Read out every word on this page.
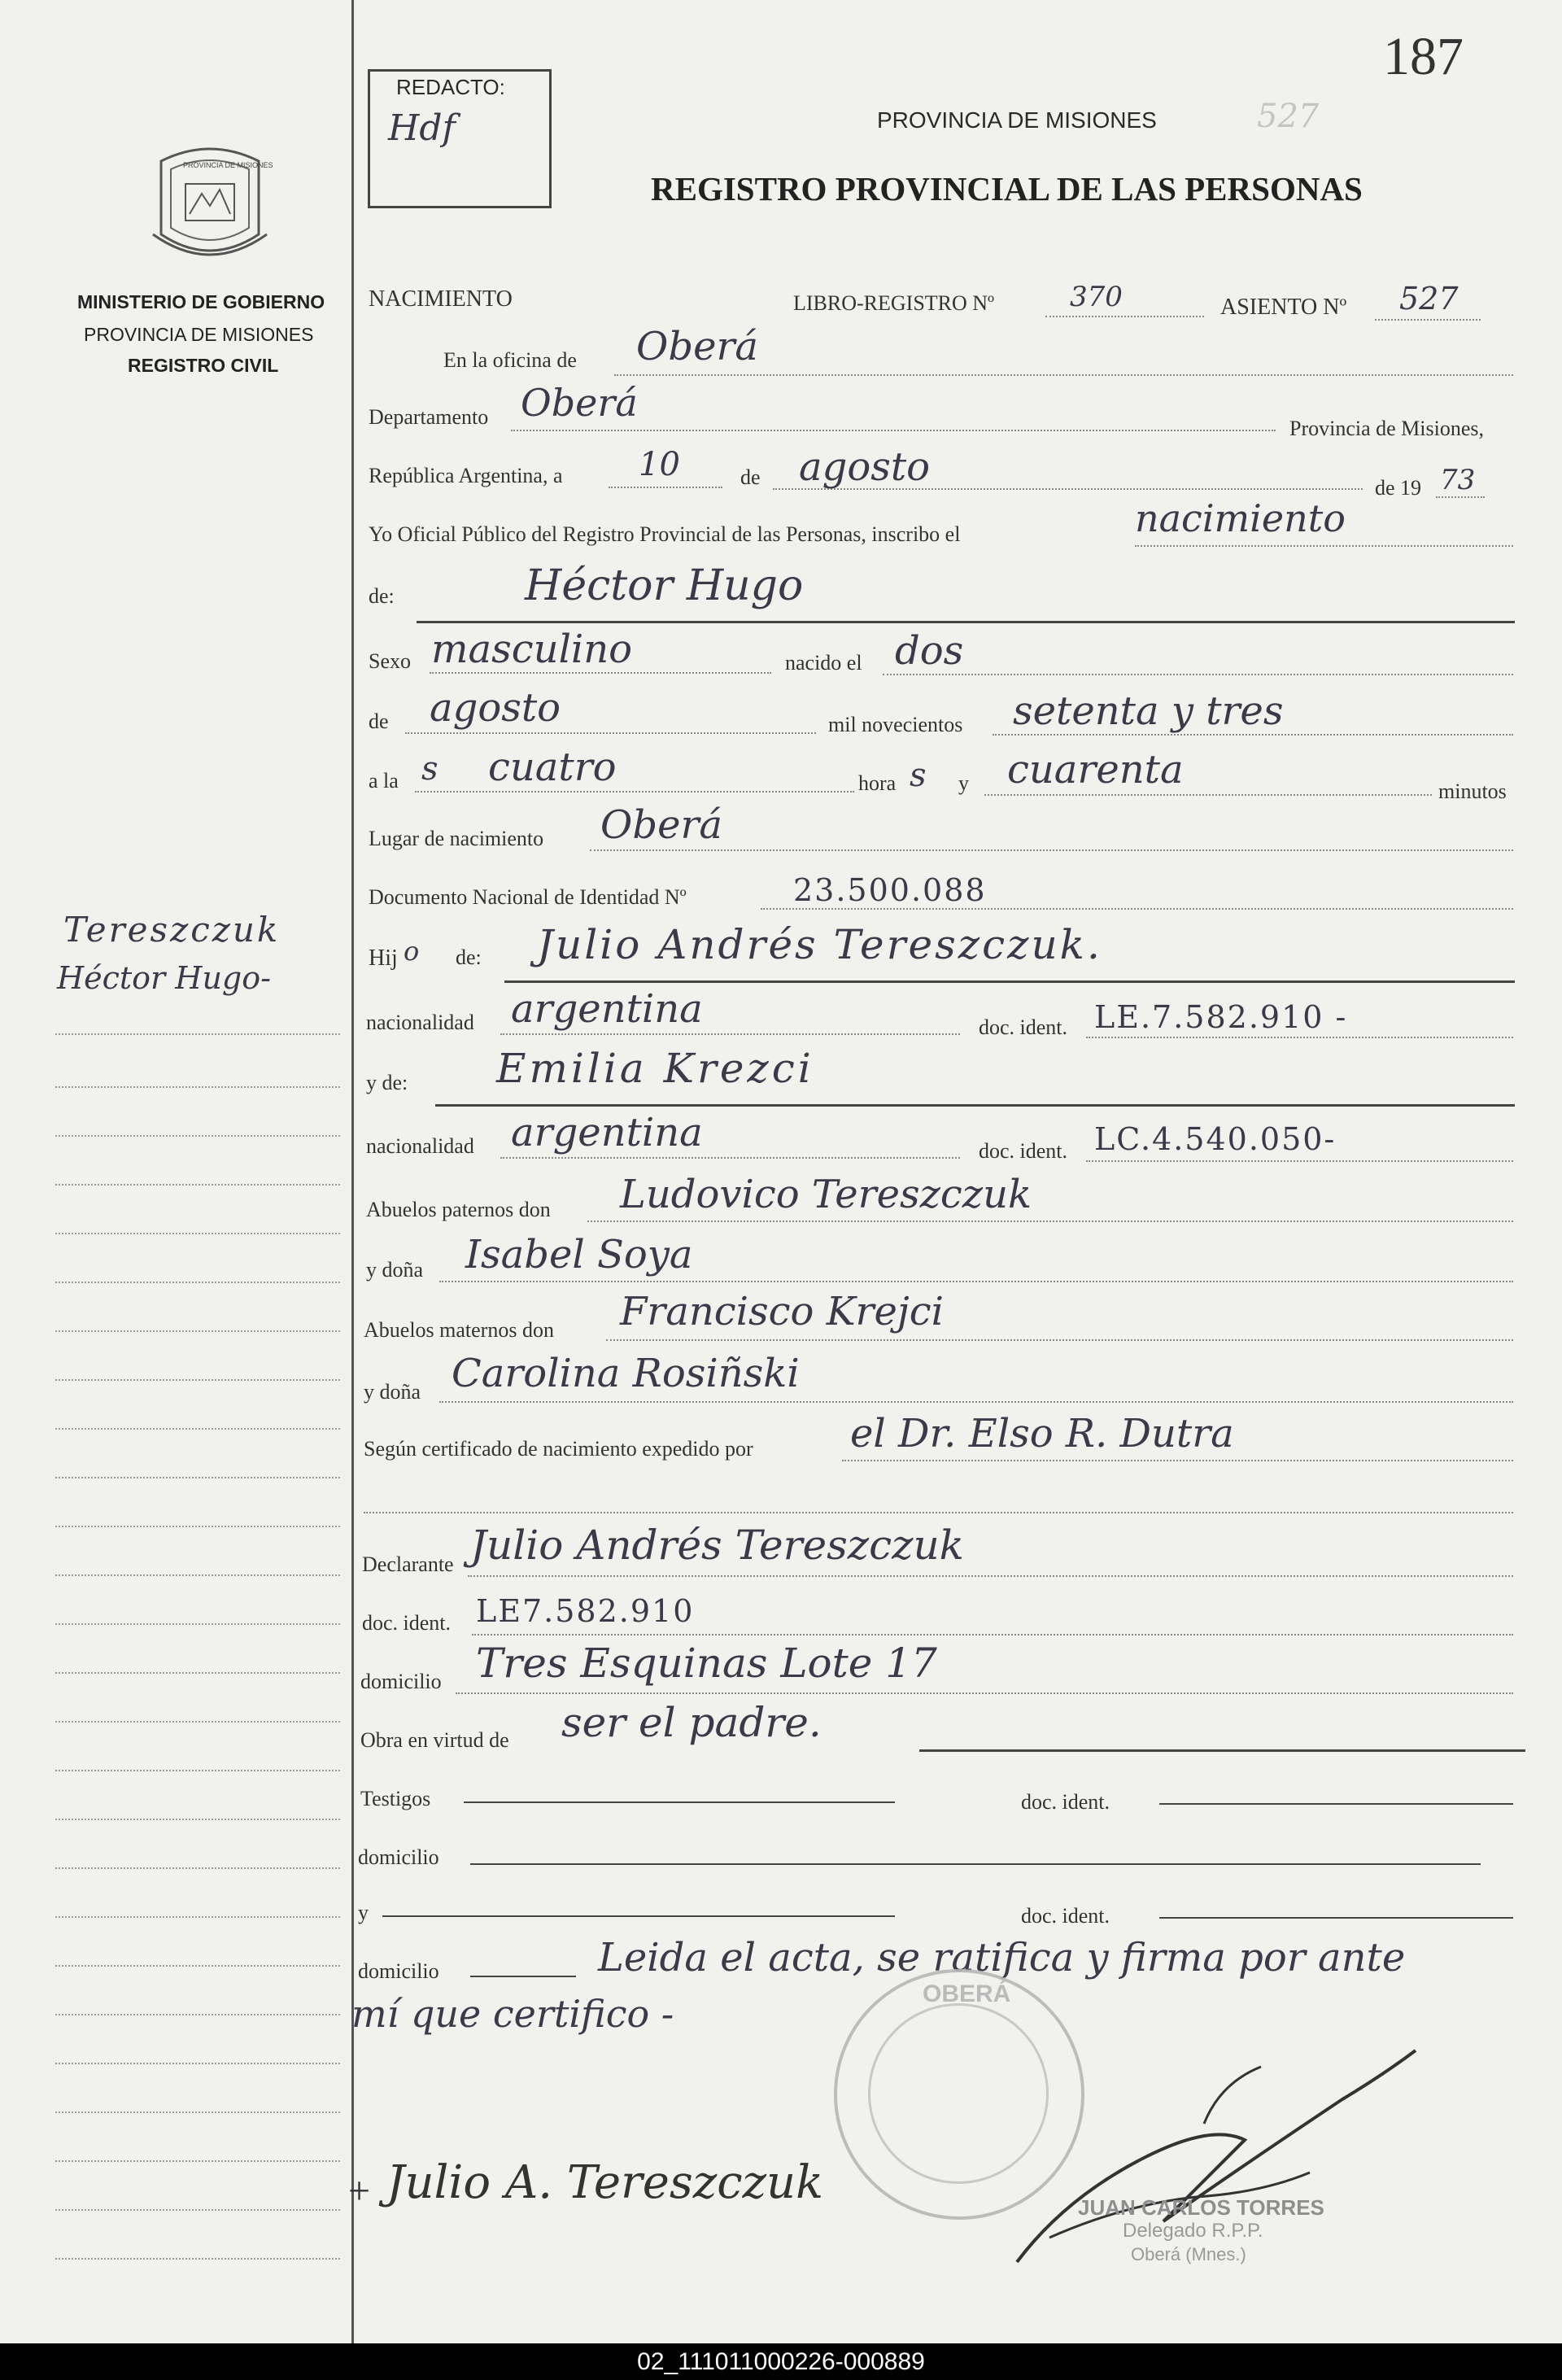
PROVINCIA DE MISIONES
MINISTERIO DE GOBIERNO
PROVINCIA DE MISIONES
REGISTRO CIVIL
Tereszczuk
Héctor Hugo-
REDACTO:
Hdf
187
527
PROVINCIA DE MISIONES
REGISTRO PROVINCIAL DE LAS PERSONAS
NACIMIENTO	LIBRO-REGISTRO Nº	370	ASIENTO Nº 527
En la oficina de Oberá
Departamento Oberá
Provincia de Misiones,
República Argentina, a 10	de agosto	de 19 73
Yo Oficial Público del Registro Provincial de las Personas, inscribo el	nacimiento
de:	Héctor Hugo
Sexo masculino	nacido el dos
de agosto	mil novecientos setenta y tres
a la s cuatro	hora s y cuarenta	minutos
Lugar de nacimiento Oberá
Documento Nacional de Identidad Nº	23.500.088
Hij o de: Julio Andrés Tereszczuk.
nacionalidad argentina	doc. ident. LE.7.582.910 -
y de: Emilia Krezci
nacionalidad argentina	doc. ident. LC.4.540.050-
Abuelos paternos don Ludovico Tereszczuk
y doña Isabel Soya
Abuelos maternos don Francisco Krejci
y doña Carolina Rosiñski
Según certificado de nacimiento expedido por el Dr. Elso R. Dutra
Declarante Julio Andrés Tereszczuk
doc. ident. LE7.582.910
domicilio Tres Esquinas Lote 17
Obra en virtud de ser el padre.
Testigos	doc. ident.
domicilio
y	doc. ident.
domicilio	Leida el acta, se ratifica y firma por ante
mí que certifico -	OBERÁ
+ Julio A. Tereszczuk	JUAN CARLOS TORRES
Delegado R.P.P.
Oberá (Mnes.)
02_111011000226-000889
